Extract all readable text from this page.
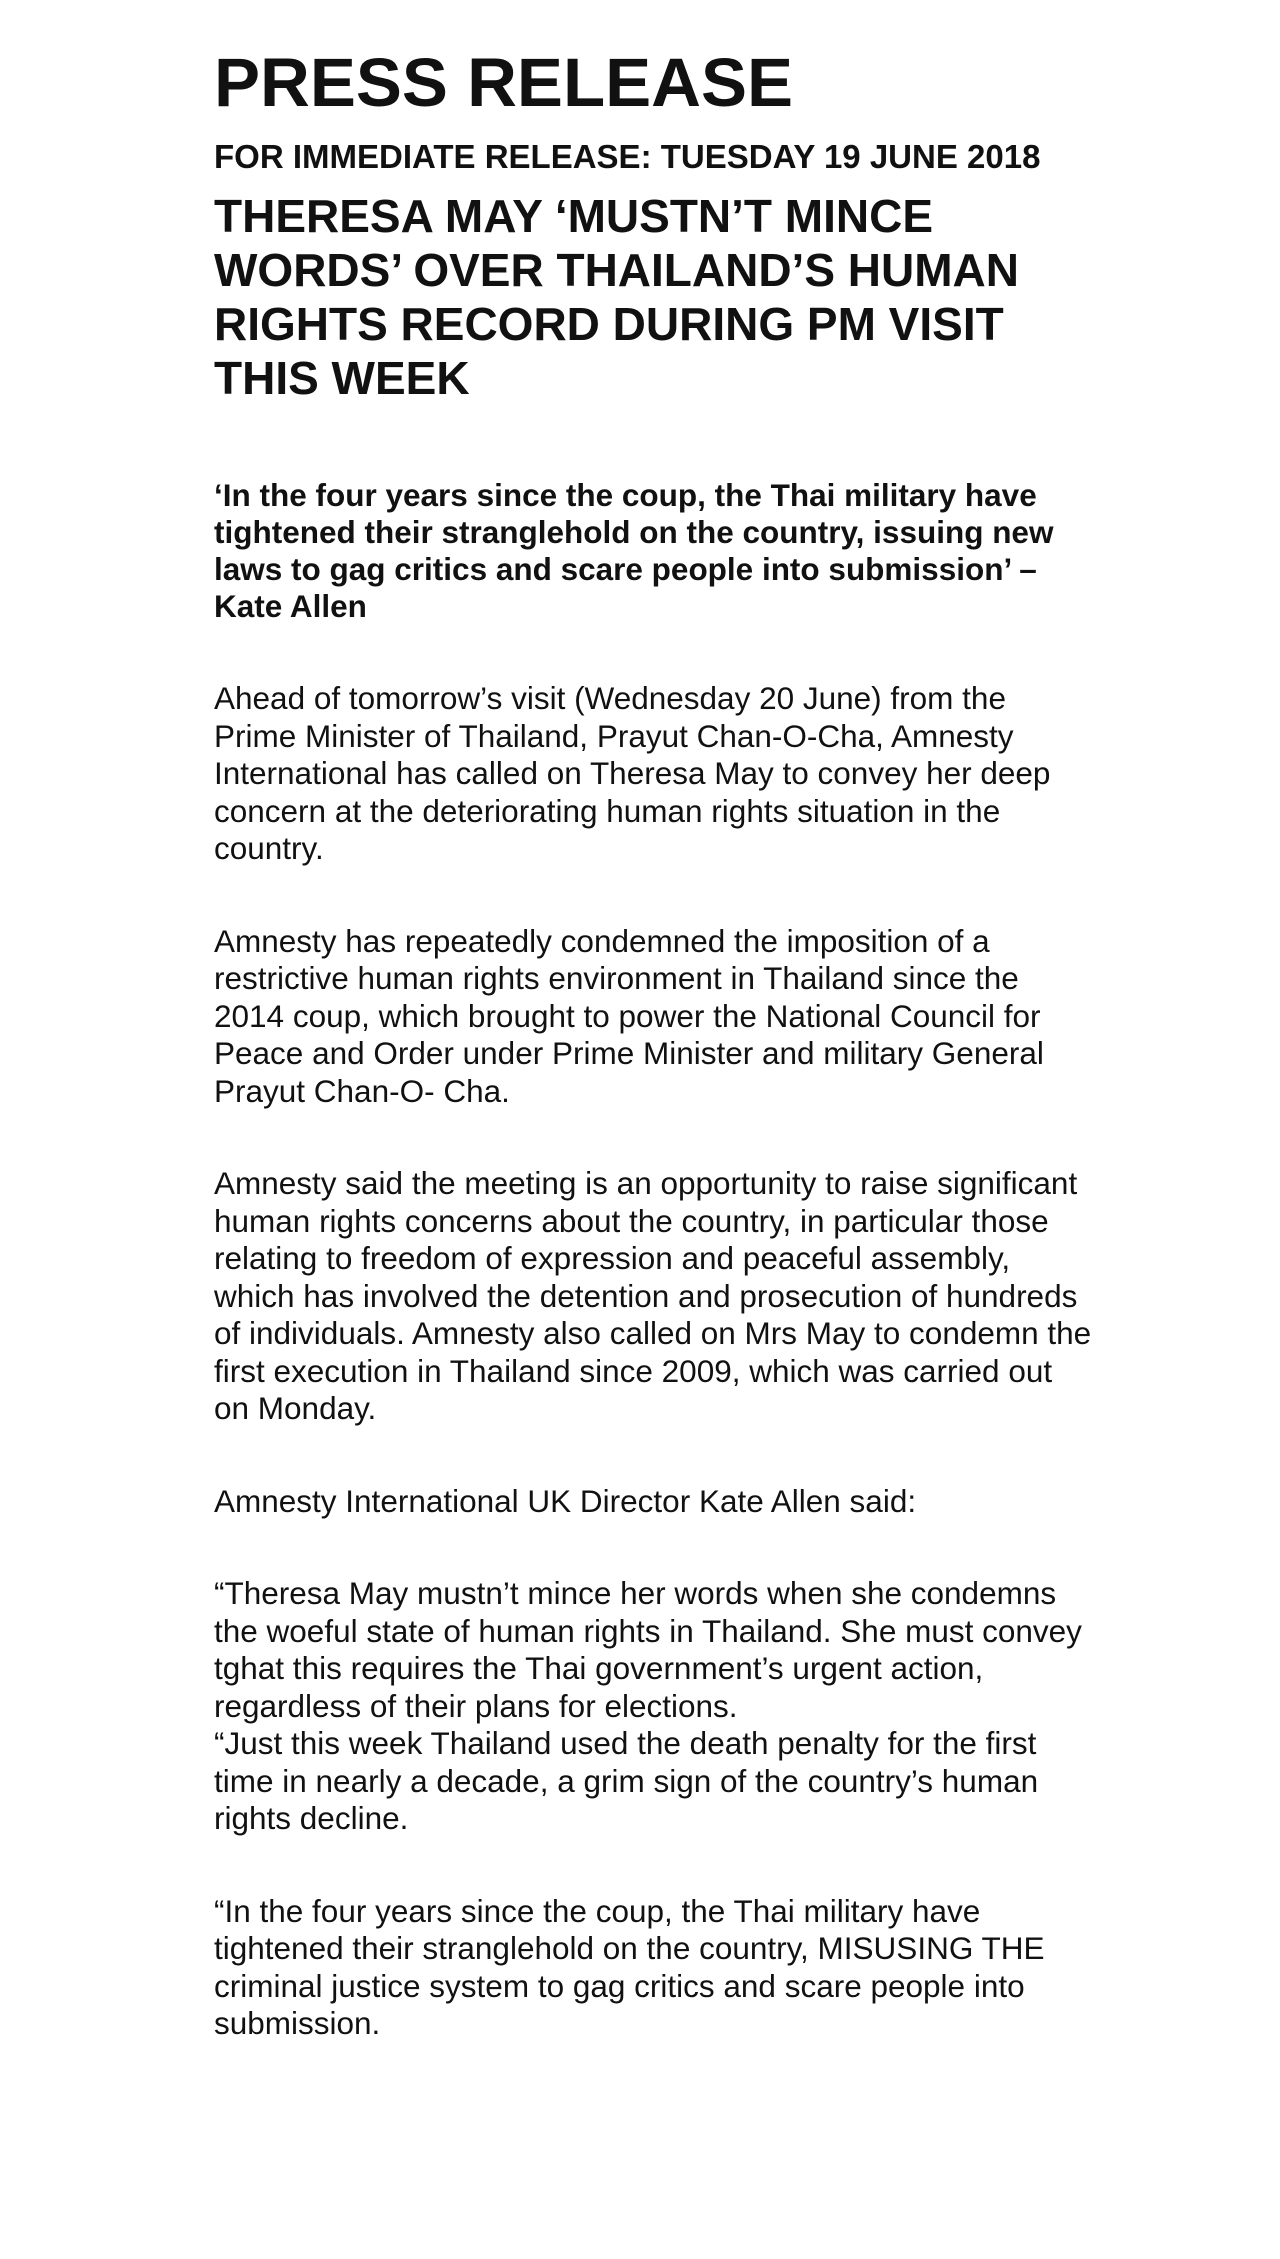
PRESS RELEASE
FOR IMMEDIATE RELEASE: TUESDAY 19 JUNE 2018
THERESA MAY ‘MUSTN’T MINCE WORDS’ OVER THAILAND’S HUMAN RIGHTS RECORD DURING PM VISIT THIS WEEK

‘In the four years since the coup, the Thai military have tightened their stranglehold on the country, issuing new laws to gag critics and scare people into submission’ – Kate Allen

Ahead of tomorrow’s visit (Wednesday 20 June) from the Prime Minister of Thailand, Prayut Chan-O-Cha, Amnesty International has called on Theresa May to convey her deep concern at the deteriorating human rights situation in the country.

Amnesty has repeatedly condemned the imposition of a restrictive human rights environment in Thailand since the 2014 coup, which brought to power the National Council for Peace and Order under Prime Minister and military General Prayut Chan-O- Cha.

Amnesty said the meeting is an opportunity to raise significant human rights concerns about the country, in particular those relating to freedom of expression and peaceful assembly, which has involved the detention and prosecution of hundreds of individuals. Amnesty also called on Mrs May to condemn the first execution in Thailand since 2009, which was carried out on Monday.

Amnesty International UK Director Kate Allen said:

“Theresa May mustn’t mince her words when she condemns the woeful state of human rights in Thailand. She must convey tghat this requires the Thai government’s urgent action, regardless of their plans for elections.

“Just this week Thailand used the death penalty for the first time in nearly a decade, a grim sign of the country’s human rights decline.

“In the four years since the coup, the Thai military have tightened their stranglehold on the country, MISUSING THE criminal justice system to gag critics and scare people into submission.
